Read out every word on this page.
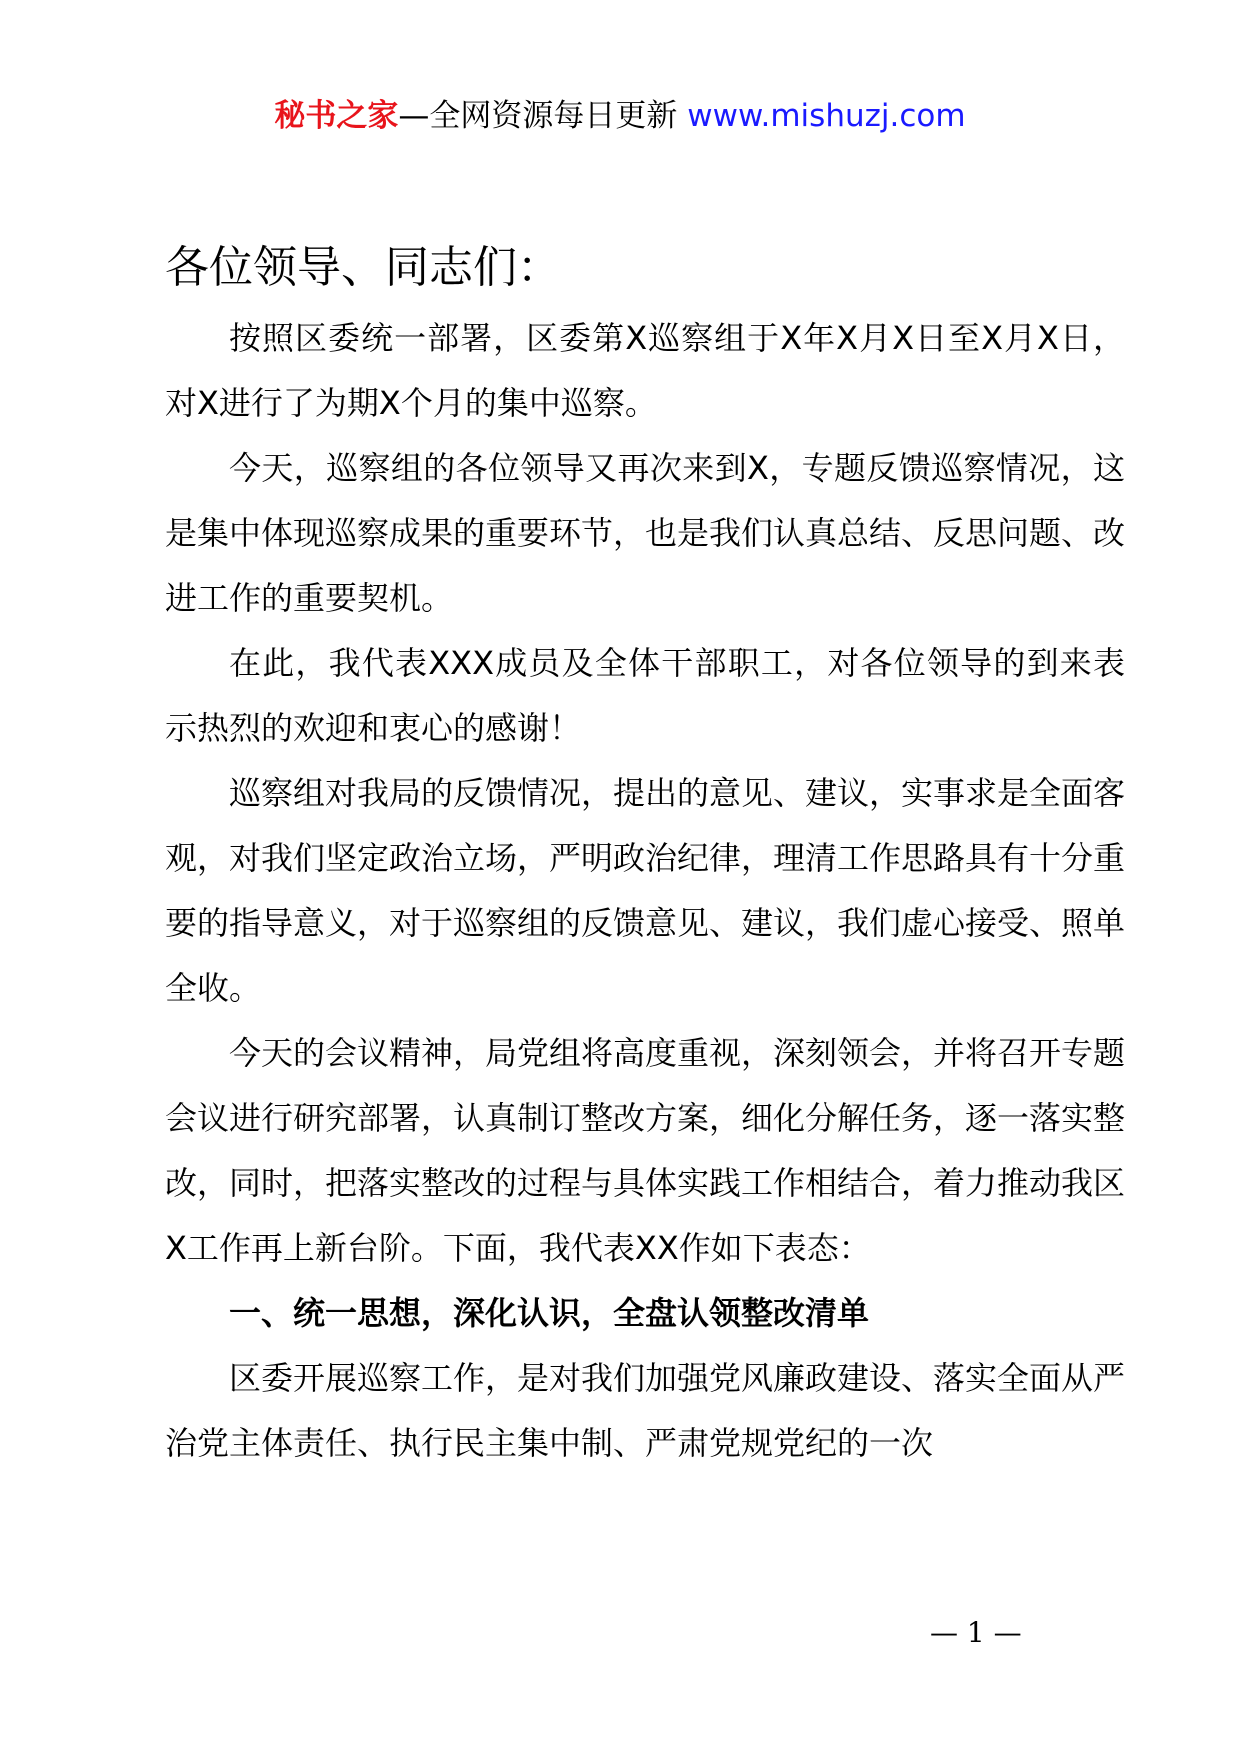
秘书之家—全网资源每日更新 www.mishuzj.com
各位领导、同志们：

按照区委统一部署，区委第X巡察组于X年X月X日至X月X日，对X进行了为期X个月的集中巡察。

今天，巡察组的各位领导又再次来到X，专题反馈巡察情况，这是集中体现巡察成果的重要环节，也是我们认真总结、反思问题、改进工作的重要契机。

在此，我代表XXX成员及全体干部职工，对各位领导的到来表示热烈的欢迎和衷心的感谢！

巡察组对我局的反馈情况，提出的意见、建议，实事求是全面客观，对我们坚定政治立场，严明政治纪律，理清工作思路具有十分重要的指导意义，对于巡察组的反馈意见、建议，我们虚心接受、照单全收。

今天的会议精神，局党组将高度重视，深刻领会，并将召开专题会议进行研究部署，认真制订整改方案，细化分解任务，逐一落实整改，同时，把落实整改的过程与具体实践工作相结合，着力推动我区X工作再上新台阶。下面，我代表XX作如下表态：

一、统一思想，深化认识，全盘认领整改清单

区委开展巡察工作，是对我们加强党风廉政建设、落实全面从严治党主体责任、执行民主集中制、严肃党规党纪的一次

— 1 —
